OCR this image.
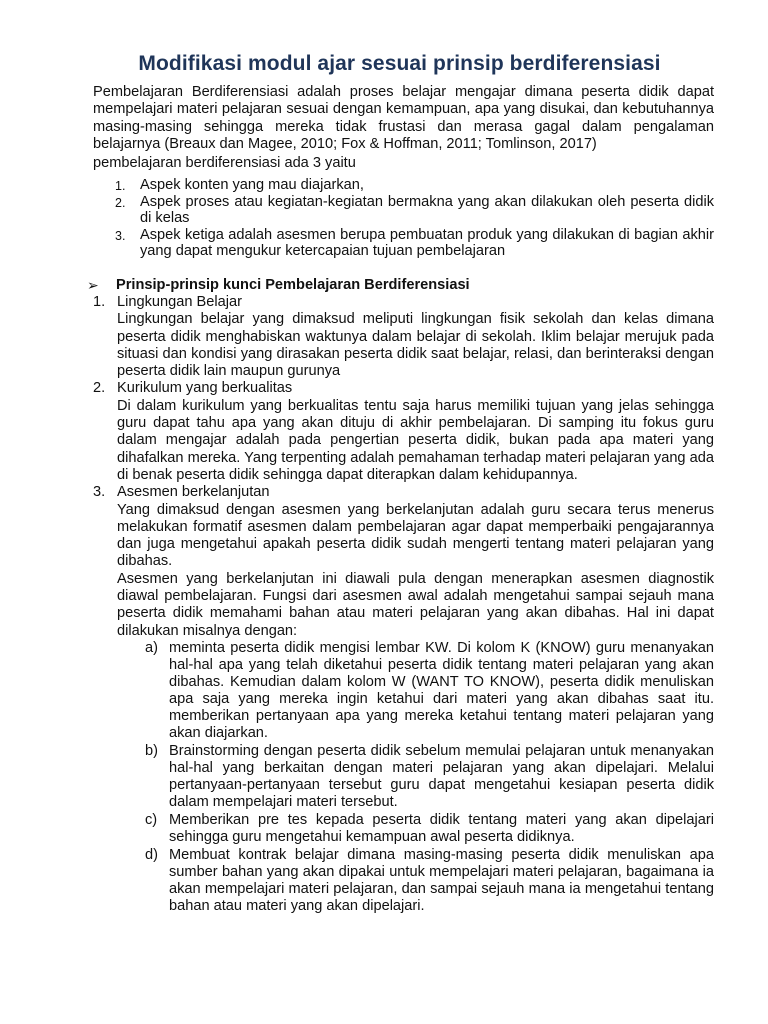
Modifikasi modul ajar sesuai prinsip berdiferensiasi

Pembelajaran Berdiferensiasi adalah proses belajar mengajar dimana peserta didik dapat mempelajari materi pelajaran sesuai dengan kemampuan, apa yang disukai, dan kebutuhannya masing-masing sehingga mereka tidak frustasi dan merasa gagal dalam pengalaman belajarnya (Breaux dan Magee, 2010; Fox & Hoffman, 2011; Tomlinson, 2017)

pembelajaran berdiferensiasi ada 3 yaitu

1. Aspek konten yang mau diajarkan,
2. Aspek proses atau kegiatan-kegiatan bermakna yang akan dilakukan oleh peserta didik di kelas
3. Aspek ketiga adalah asesmen berupa pembuatan produk yang dilakukan di bagian akhir yang dapat mengukur ketercapaian tujuan pembelajaran
➢ Prinsip-prinsip kunci Pembelajaran Berdiferensiasi
1. Lingkungan Belajar

Lingkungan belajar yang dimaksud meliputi lingkungan fisik sekolah dan kelas dimana peserta didik menghabiskan waktunya dalam belajar di sekolah. Iklim belajar merujuk pada situasi dan kondisi yang dirasakan peserta didik saat belajar, relasi, dan berinteraksi dengan peserta didik lain maupun gurunya

2. Kurikulum yang berkualitas

Di dalam kurikulum yang berkualitas tentu saja harus memiliki tujuan yang jelas sehingga guru dapat tahu apa yang akan dituju di akhir pembelajaran. Di samping itu fokus guru dalam mengajar adalah pada pengertian peserta didik, bukan pada apa materi yang dihafalkan mereka. Yang terpenting adalah pemahaman terhadap materi pelajaran yang ada di benak peserta didik sehingga dapat diterapkan dalam kehidupannya.

3. Asesmen berkelanjutan

Yang dimaksud dengan asesmen yang berkelanjutan adalah guru secara terus menerus melakukan formatif asesmen dalam pembelajaran agar dapat memperbaiki pengajarannya dan juga mengetahui apakah peserta didik sudah mengerti tentang materi pelajaran yang dibahas.

Asesmen yang berkelanjutan ini diawali pula dengan menerapkan asesmen diagnostik diawal pembelajaran. Fungsi dari asesmen awal adalah mengetahui sampai sejauh mana peserta didik memahami bahan atau materi pelajaran yang akan dibahas. Hal ini dapat dilakukan misalnya dengan:

a) meminta peserta didik mengisi lembar KW. Di kolom K (KNOW) guru menanyakan hal-hal apa yang telah diketahui peserta didik tentang materi pelajaran yang akan dibahas. Kemudian dalam kolom W (WANT TO KNOW), peserta didik menuliskan apa saja yang mereka ingin ketahui dari materi yang akan dibahas saat itu. memberikan pertanyaan apa yang mereka ketahui tentang materi pelajaran yang akan diajarkan.
b) Brainstorming dengan peserta didik sebelum memulai pelajaran untuk menanyakan hal-hal yang berkaitan dengan materi pelajaran yang akan dipelajari. Melalui pertanyaan-pertanyaan tersebut guru dapat mengetahui kesiapan peserta didik dalam mempelajari materi tersebut.
c) Memberikan pre tes kepada peserta didik tentang materi yang akan dipelajari sehingga guru mengetahui kemampuan awal peserta didiknya.
d) Membuat kontrak belajar dimana masing-masing peserta didik menuliskan apa sumber bahan yang akan dipakai untuk mempelajari materi pelajaran, bagaimana ia akan mempelajari materi pelajaran, dan sampai sejauh mana ia mengetahui tentang bahan atau materi yang akan dipelajari.
